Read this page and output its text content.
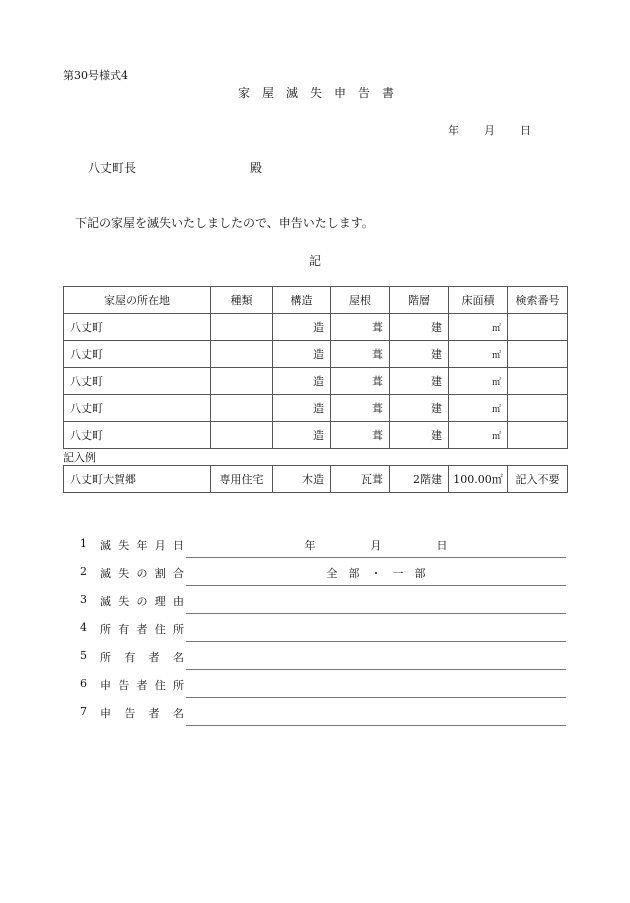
第30号様式4
家屋滅失申告書
年 月 日
八丈町長	殿
下記の家屋を滅失いたしましたので、申告いたします。
記
家屋の所在地	種類	構造	屋根	階層	床面積	検索番号
八丈町		造	葺	建	㎡	
八丈町		造	葺	建	㎡	
八丈町		造	葺	建	㎡	
八丈町		造	葺	建	㎡	
八丈町		造	葺	建	㎡	
記入例
八丈町大賀郷	専用住宅	木造	瓦葺	2階建	100.00㎡	記入不要
1	滅 失 年 月 日	年　　　　　月　　　　　日
2	滅 失 の 割 合	全　部　・　一　部
3	滅 失 の 理 由
4	所 有 者 住 所
5	所 有 者 名
6	申 告 者 住 所
7	申 告 者 名
